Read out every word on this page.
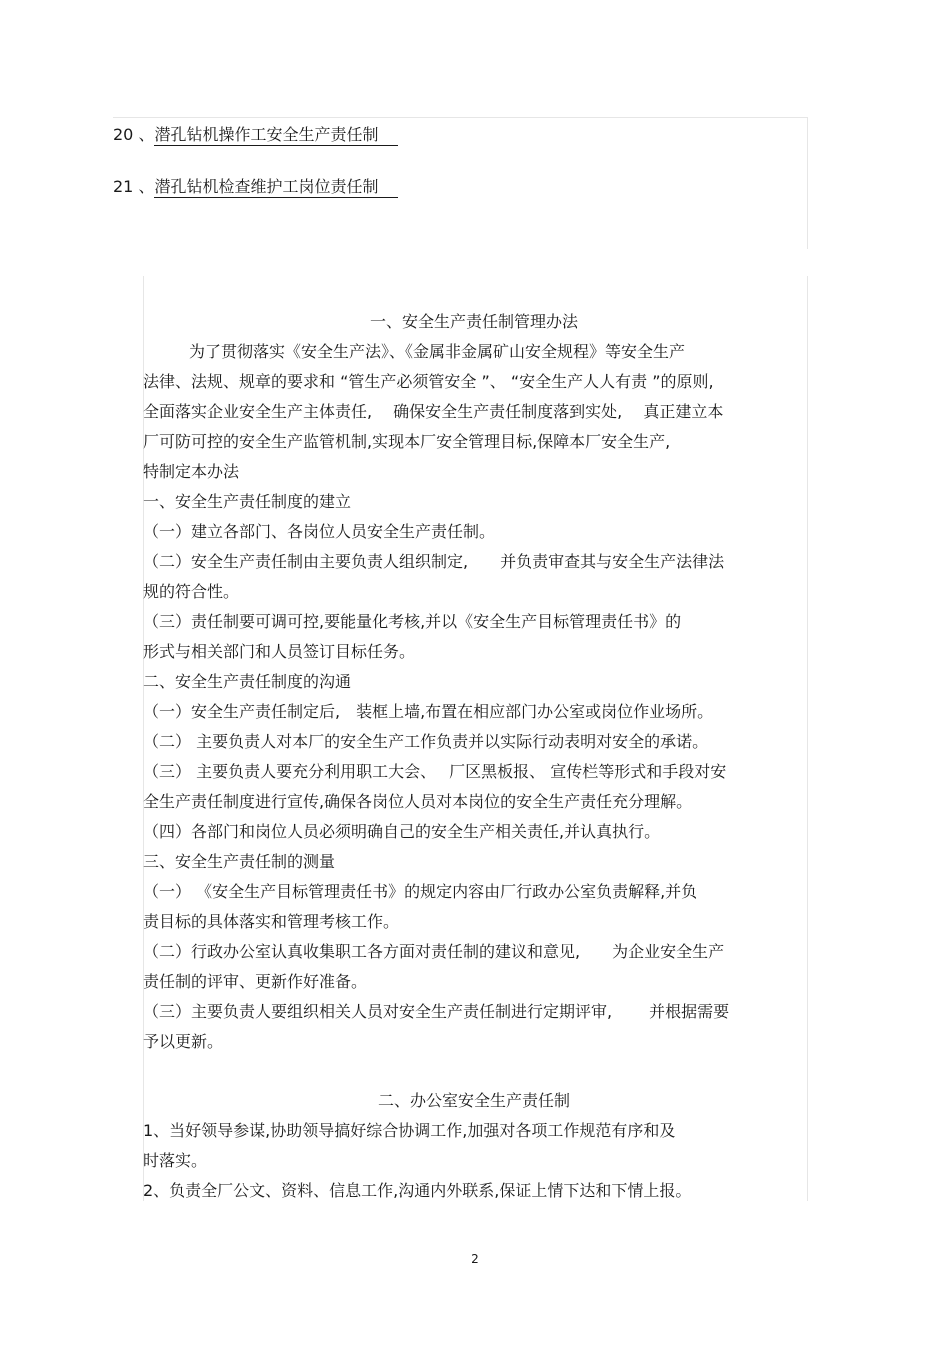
20 、潜孔钻机操作工安全生产责任制
21 、潜孔钻机检查维护工岗位责任制

一、安全生产责任制管理办法

为了贯彻落实《安全生产法》、《金属非金属矿山安全规程》等安全生产

法律、法规、规章的要求和 “管生产必须管安全 ”、 “安全生产人人有责 ”的原则,

全面落实企业安全生产主体责任,　 确保安全生产责任制度落到实处,　 真正建立本

厂可防可控的安全生产监管机制,实现本厂安全管理目标,保障本厂安全生产,

特制定本办法

一、安全生产责任制度的建立

（一）建立各部门、各岗位人员安全生产责任制。

（二）安全生产责任制由主要负责人组织制定,　　并负责审查其与安全生产法律法

规的符合性。

（三）责任制要可调可控,要能量化考核,并以《安全生产目标管理责任书》的

形式与相关部门和人员签订目标任务。

二、安全生产责任制度的沟通

（一）安全生产责任制定后,　装框上墙,布置在相应部门办公室或岗位作业场所。

（二） 主要负责人对本厂的安全生产工作负责并以实际行动表明对安全的承诺。

（三） 主要负责人要充分利用职工大会、　 厂区黑板报、 宣传栏等形式和手段对安

全生产责任制度进行宣传,确保各岗位人员对本岗位的安全生产责任充分理解。

（四）各部门和岗位人员必须明确自己的安全生产相关责任,并认真执行。

三、安全生产责任制的测量

（一） 《安全生产目标管理责任书》的规定内容由厂行政办公室负责解释,并负

责目标的具体落实和管理考核工作。

（二）行政办公室认真收集职工各方面对责任制的建议和意见,　　为企业安全生产

责任制的评审、更新作好准备。

（三）主要负责人要组织相关人员对安全生产责任制进行定期评审,　　 并根据需要

予以更新。

二、办公室安全生产责任制

1、当好领导参谋,协助领导搞好综合协调工作,加强对各项工作规范有序和及

时落实。

2、负责全厂公文、资料、信息工作,沟通内外联系,保证上情下达和下情上报。

2
